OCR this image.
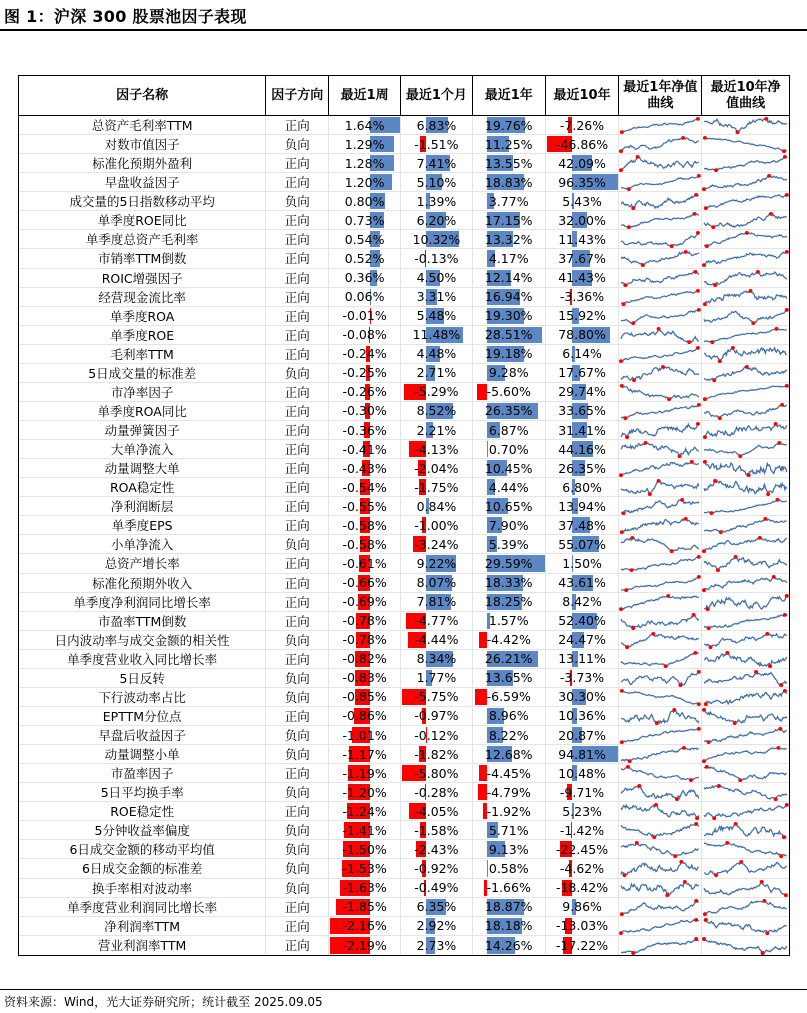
图 1：沪深 300 股票池因子表现
因子名称	因子方向	最近1周	最近1个月	最近1年	最近10年
最近1年净值曲线
最近10年净值曲线
总资产毛利率TTM	正向	1.64%	6.83% 19.76% -7.26%
对数市值因子	负向	1.29% -1.51% 11.25% -46.86%
标准化预期外盈利	正向	1.28%	7.41% 13.55% 42.09%
早盘收益因子	正向	1.20%	5.10% 18.83% 96.35%
成交量的5日指数移动平均	负向	0.80%	1.39%	3.77%	5.43%
单季度ROE同比	正向	0.73%	6.20% 17.15% 32.00%
单季度总资产毛利率	正向	0.54% 10.32% 13.32% 11.43%
市销率TTM倒数	正向	0.52% -0.13% 4.17% 37.67%
ROIC增强因子	正向	0.36%	4.50% 12.14% 41.43%
经营现金流比率	正向	0.06%	3.31% 16.94% -3.36%
单季度ROA	正向	-0.01% 5.48% 19.30% 15.92%
单季度ROE	正向	-0.08% 11.48% 28.51% 78.80%
毛利率TTM	正向	-0.24% 4.48% 19.18% 6.14%
5日成交量的标准差	负向	-0.25% 2.71%	9.28% 17.67%
市净率因子	正向	-0.26% -5.29% -5.60% 29.74%
单季度ROA同比	正向	-0.30% 8.52% 26.35% 33.65%
动量弹簧因子	正向	-0.36% 2.21%	6.87% 31.41%
大单净流入	正向	-0.41% -4.13% 0.70% 44.16%
动量调整大单	正向	-0.43% -2.04% 10.45% 26.35%
ROA稳定性	正向	-0.54% -1.75% 4.44%	6.80%
净利润断层	正向	-0.55% 0.84% 10.65% 13.94%
单季度EPS	正向	-0.58% -1.00% 7.90% 37.48%
小单净流入	负向	-0.58% -3.24% 5.39% 55.07%
总资产增长率	正向	-0.61% 9.22% 29.59% 1.50%
标准化预期外收入	正向	-0.66% 8.07% 18.33% 43.61%
单季度净利润同比增长率	正向	-0.69% 7.81% 18.25% 8.42%
市盈率TTM倒数	正向	-0.78% -4.77% 1.57% 52.40%
日内波动率与成交金额的相关性	负向	-0.78% -4.44% -4.42% 24.47%
单季度营业收入同比增长率	正向	-0.82% 8.34% 26.21% 13.11%
5日反转	负向	-0.83% 1.77% 13.65% -3.73%
下行波动率占比	负向	-0.85% -5.75% -6.59% 30.30%
EPTTM分位点	正向	-0.86% -0.97% 8.96% 10.36%
早盘后收益因子	负向	-1.01% -0.12% 8.22% 20.87%
动量调整小单	负向	-1.17% -1.82% 12.68% 94.81%
市盈率因子	正向	-1.19% -5.80% -4.45% 10.48%
5日平均换手率	负向	-1.20% -0.28% -4.79% -9.71%
ROE稳定性	正向	-1.24% -4.05% -1.92%	5.23%
5分钟收益率偏度	负向	-1.41% -1.58% 5.71%	-1.42%
6日成交金额的移动平均值	负向	-1.50% -2.43% 9.13% -22.45%
6日成交金额的标准差	负向	-1.53% -0.92% 0.58%	-4.62%
换手率相对波动率	负向	-1.63% -0.49% -1.66% -18.42%
单季度营业利润同比增长率	正向	-1.85% 6.35% 18.87% 9.86%
净利润率TTM	正向	-2.16% 2.92% 18.18% -13.03%
营业利润率TTM	正向	-2.19% 2.73% 14.26% -17.22%
资料来源：Wind，光大证券研究所；统计截至 2025.09.05
